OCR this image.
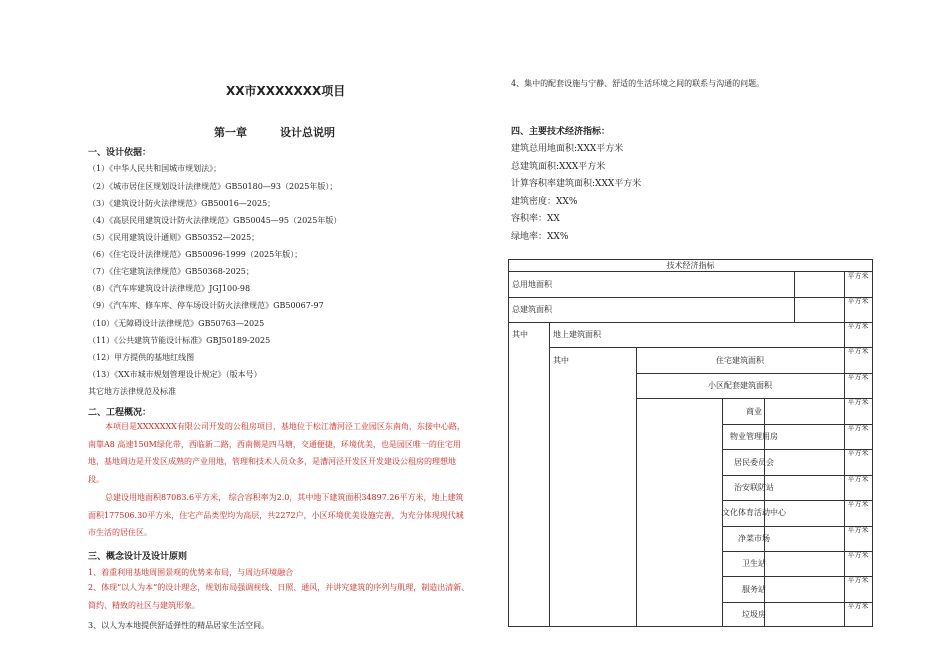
XX市XXXXXXX项目
第一章　　　设计总说明
一、设计依据：
（1）《中华人民共和国城市规划法》；
（2）《城市居住区规划设计法律规范》GB50180—93（2025年版）；
（3）《建筑设计防火法律规范》GB50016—2025；
（4）《高层民用建筑设计防火法律规范》GB50045—95（2025年版）
（5）《民用建筑设计通则》GB50352—2025；
（6）《住宅设计法律规范》GB50096-1999（2025年版）；
（7）《住宅建筑法律规范》GB50368-2025；
（8）《汽车库建筑设计法律规范》JGJ100-98
（9）《汽车库、修车库、停车场设计防火法律规范》GB50067-97
（10）《无障碍设计法律规范》GB50763—2025
（11）《公共建筑节能设计标准》GBJ50189-2025
（12）甲方提供的基地红线图
（13）《XX市城市规划管理设计规定》（版本号）
其它地方法律规范及标准
二、工程概况：
本项目是XXXXXXX有限公司开发的公租房项目，基地位于松江漕河泾工业园区东南角，东接中心路，南靠A8 高速150M绿化带，西临新二路，西南侧是四马塘，交通便捷，环境优美，也是园区唯一的住宅用地，基地周边是开发区成熟的产业用地，管理和技术人员众多，是漕河泾开发区开发建设公租房的理想地段。
总建设用地面积87083.6平方米， 综合容积率为2.0，其中地下建筑面积34897.26平方米，地上建筑面积177506.30平方米，住宅产品类型均为高层，共2272户，小区环境优美设施完善，为充分体现现代城市生活的居住区。
三、概念设计及设计原则
1、着重利用基地周围景观的优势来布局，与周边环境融合
2、体现“以人为本”的设计理念，规划布局强调视线、日照、通风，并讲究建筑的序列与肌理，制造出清新、简约、精致的社区与建筑形象。
3、以人为本地提供舒适弹性的精品居家生活空间。
4、集中的配套设施与宁静、舒适的生活环境之间的联系与沟通的问题。
四、主要技术经济指标：
建筑总用地面积:XXX平方米
总建筑面积:XXX平方米
计算容积率建筑面积:XXX平方米
建筑密度：XX%
容积率：XX
绿地率：XX%
技术经济指标
总用地面积
总建筑面积
其中	地上建筑面积
其中	住宅建筑面积
小区配套建筑面积
商业
物业管理用房
居民委员会
治安联防站
文化体育活动中心
净菜市场
卫生站
服务站
垃圾房
平方米
平方米
平方米
平方米
平方米
平方米
平方米
平方米
平方米
平方米
平方米
平方米
平方米
平方米
